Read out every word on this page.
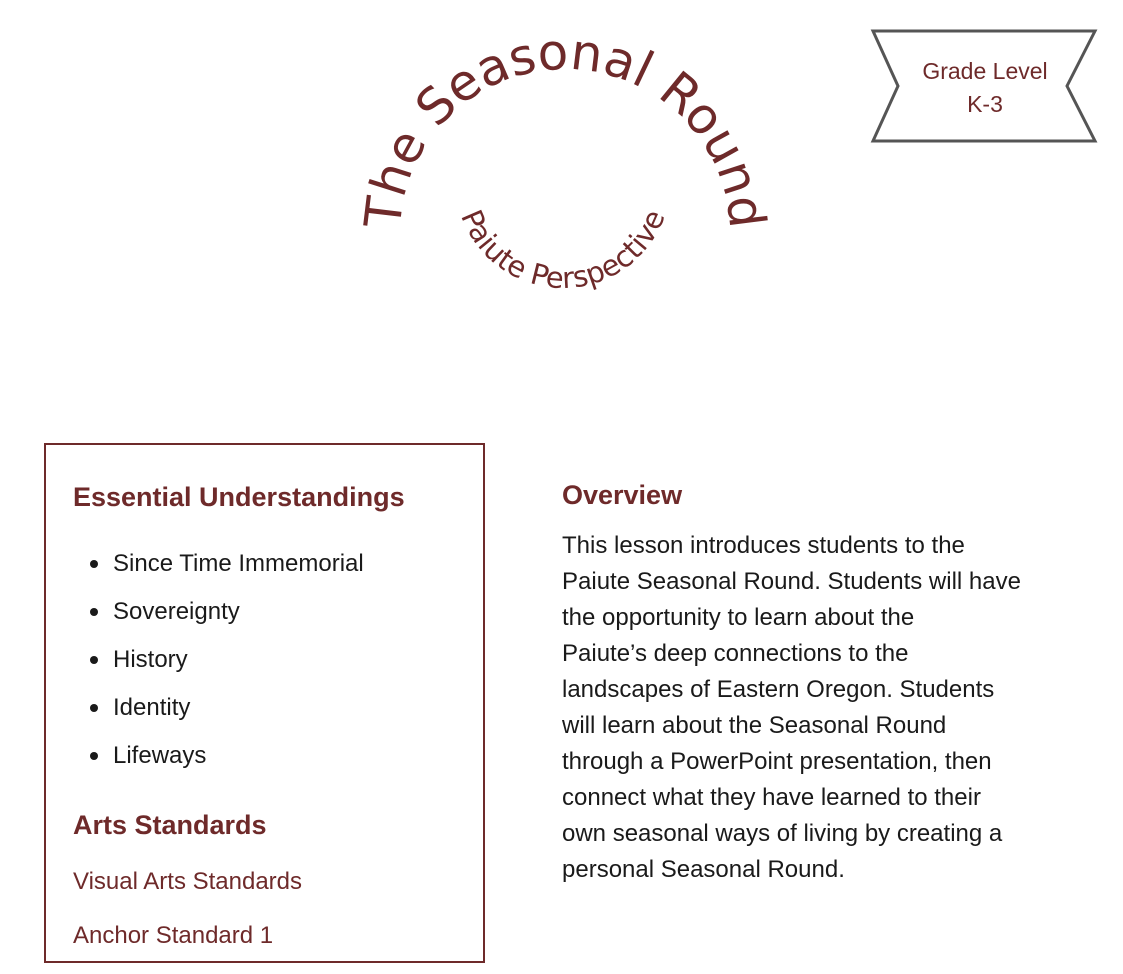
The Seasonal Round
Paiute Perspective
Grade Level
K-3
Essential Understandings
Since Time Immemorial
Sovereignty
History
Identity
Lifeways
Arts Standards
Visual Arts Standards
Anchor Standard 1
Overview

This lesson introduces students to the

Paiute Seasonal Round. Students will have

the opportunity to learn about the

Paiute’s deep connections to the

landscapes of Eastern Oregon. Students

will learn about the Seasonal Round

through a PowerPoint presentation, then

connect what they have learned to their

own seasonal ways of living by creating a

personal Seasonal Round.
